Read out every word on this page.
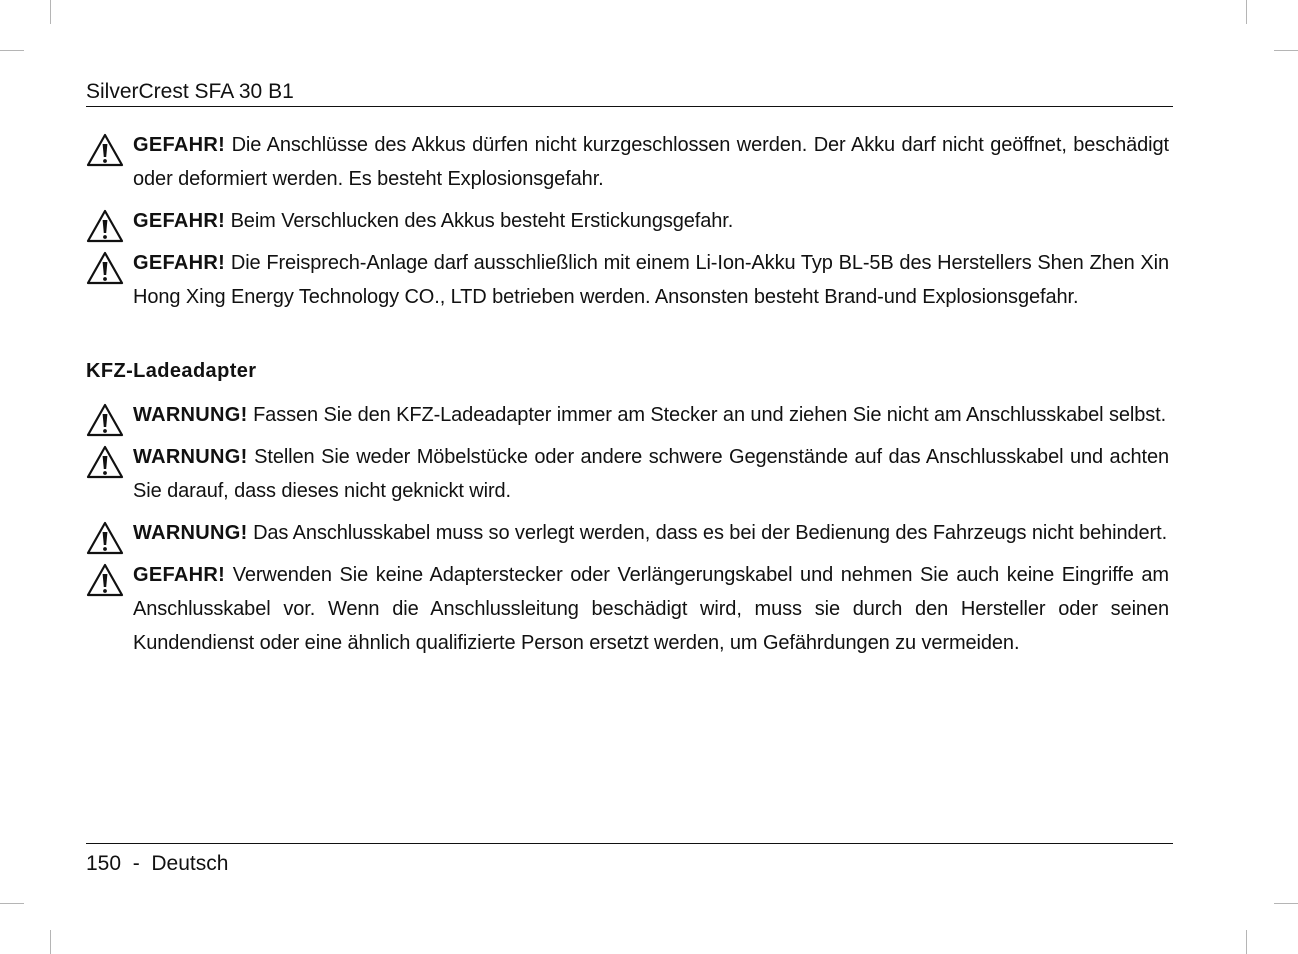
SilverCrest SFA 30 B1

GEFAHR! Die Anschlüsse des Akkus dürfen nicht kurzgeschlossen werden. Der Akku darf nicht geöffnet, beschädigt oder deformiert werden. Es besteht Explosionsgefahr.

GEFAHR! Beim Verschlucken des Akkus besteht Erstickungsgefahr.

GEFAHR! Die Freisprech-Anlage darf ausschließlich mit einem Li-Ion-Akku Typ BL-5B des Herstellers Shen Zhen Xin Hong Xing Energy Technology CO., LTD betrieben werden. Ansonsten besteht Brand-und Explosionsgefahr.

KFZ-Ladeadapter

WARNUNG! Fassen Sie den KFZ-Ladeadapter immer am Stecker an und ziehen Sie nicht am Anschlusskabel selbst.

WARNUNG! Stellen Sie weder Möbelstücke oder andere schwere Gegenstände auf das Anschlusskabel und achten Sie darauf, dass dieses nicht geknickt wird.

WARNUNG! Das Anschlusskabel muss so verlegt werden, dass es bei der Bedienung des Fahrzeugs nicht behindert.

GEFAHR! Verwenden Sie keine Adapterstecker oder Verlängerungskabel und nehmen Sie auch keine Eingriffe am Anschlusskabel vor. Wenn die Anschlussleitung beschädigt wird, muss sie durch den Hersteller oder seinen Kundendienst oder eine ähnlich qualifizierte Person ersetzt werden, um Gefährdungen zu vermeiden.

150 - Deutsch
